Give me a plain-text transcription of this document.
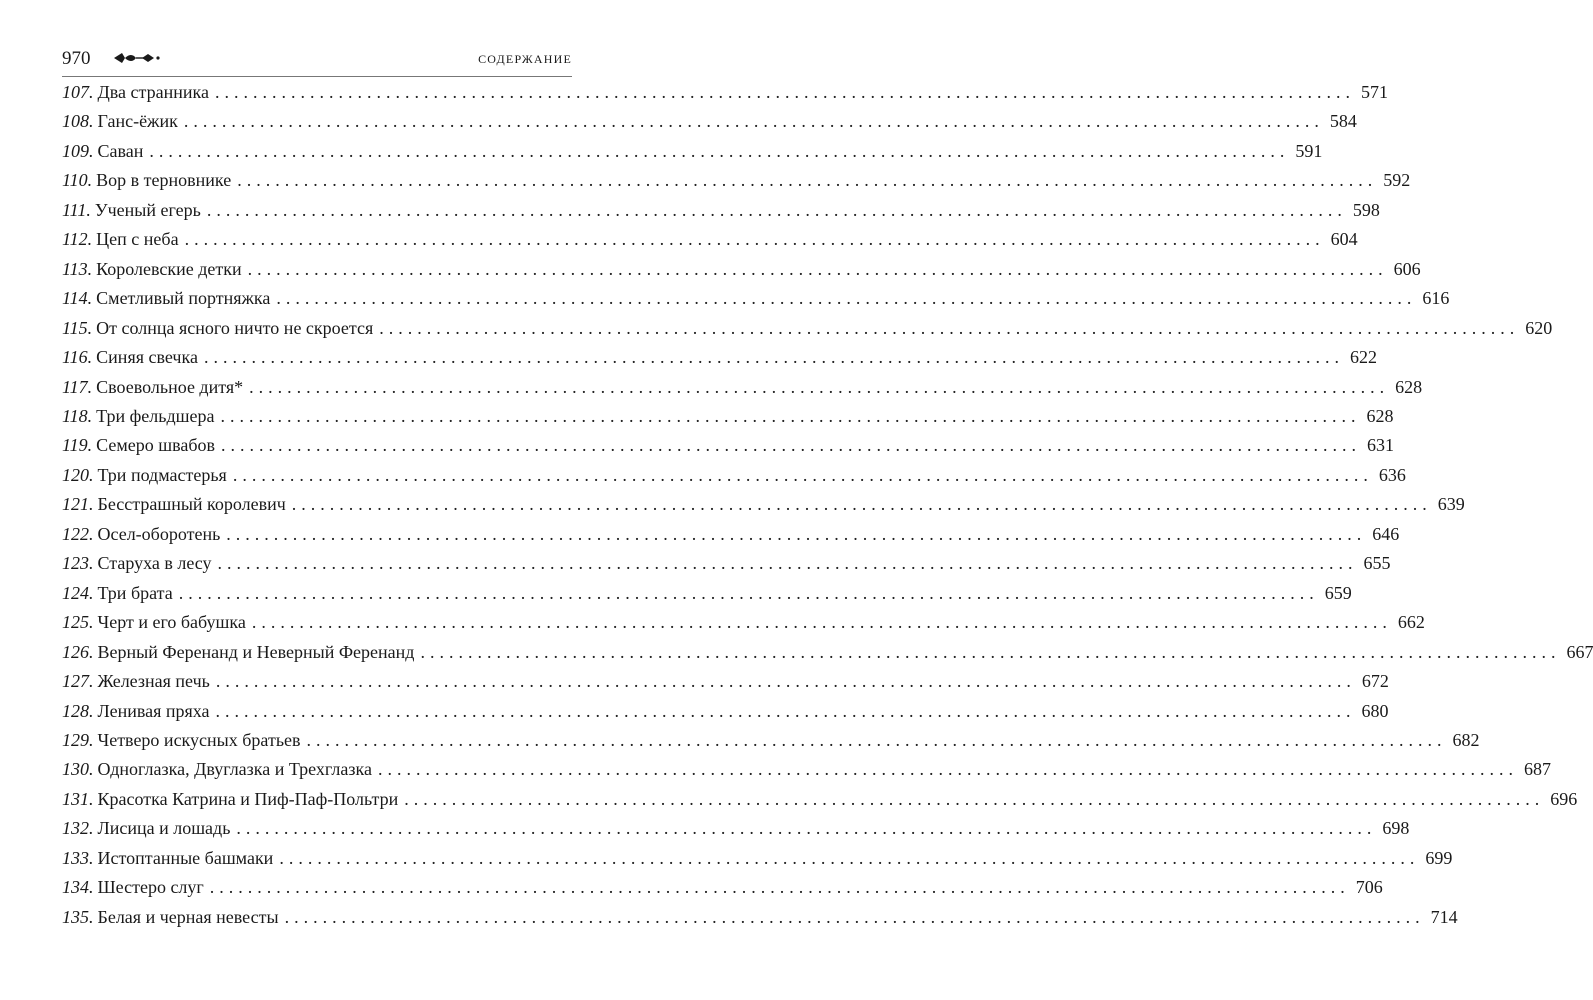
970	СОДЕРЖАНИЕ
107. Два странника ........................................................................................................................ 571
108. Ганс-ёжик ........................................................................................................................ 584
109. Саван ........................................................................................................................ 591
110. Вор в терновнике ........................................................................................................................ 592
111. Ученый егерь ........................................................................................................................ 598
112. Цеп с неба ........................................................................................................................ 604
113. Королевские детки ........................................................................................................................ 606
114. Сметливый портняжка ........................................................................................................................ 616
115. От солнца ясного ничто не скроется ........................................................................................................................ 620
116. Синяя свечка ........................................................................................................................ 622
117. Своевольное дитя* ........................................................................................................................ 628
118. Три фельдшера ........................................................................................................................ 628
119. Семеро швабов ........................................................................................................................ 631
120. Три подмастерья ........................................................................................................................ 636
121. Бесстрашный королевич ........................................................................................................................ 639
122. Осел-оборотень ........................................................................................................................ 646
123. Старуха в лесу ........................................................................................................................ 655
124. Три брата ........................................................................................................................ 659
125. Черт и его бабушка ........................................................................................................................ 662
126. Верный Ференанд и Неверный Ференанд ........................................................................................................................ 667
127. Железная печь ........................................................................................................................ 672
128. Ленивая пряха ........................................................................................................................ 680
129. Четверо искусных братьев ........................................................................................................................ 682
130. Одноглазка, Двуглазка и Трехглазка ........................................................................................................................ 687
131. Красотка Катрина и Пиф-Паф-Польтри ........................................................................................................................ 696
132. Лисица и лошадь ........................................................................................................................ 698
133. Истоптанные башмаки ........................................................................................................................ 699
134. Шестеро слуг ........................................................................................................................ 706
135. Белая и черная невесты ........................................................................................................................ 714
